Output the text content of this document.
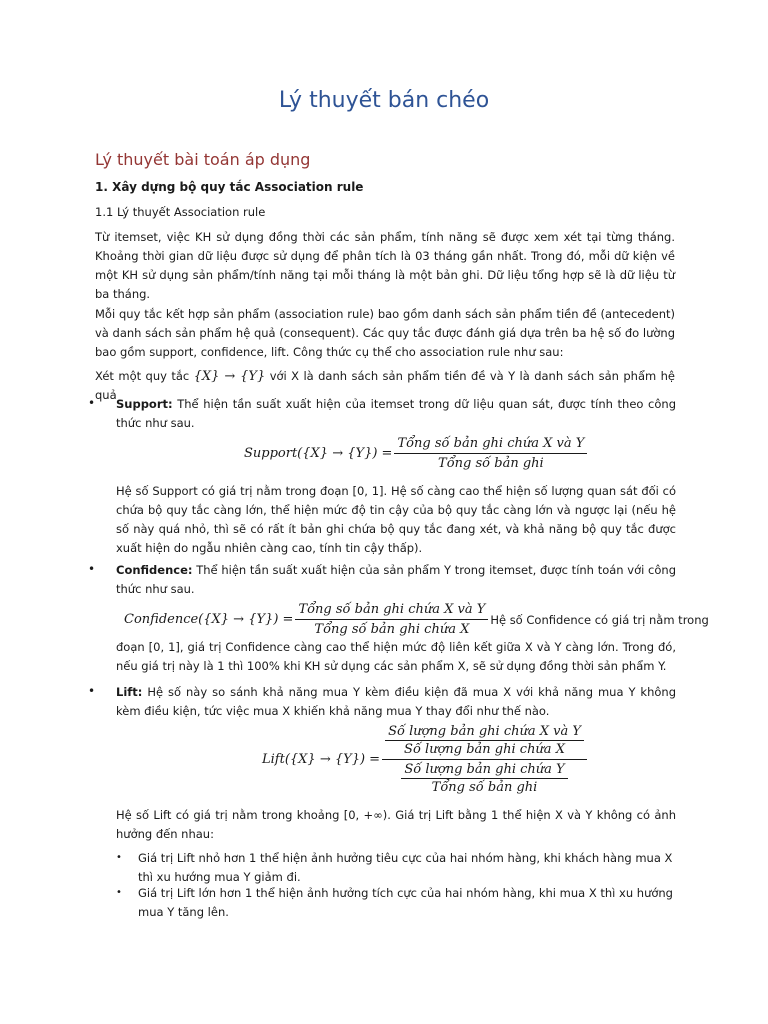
Lý thuyết bán chéo
Lý thuyết bài toán áp dụng
1. Xây dựng bộ quy tắc Association rule
1.1 Lý thuyết Association rule
Từ itemset, việc KH sử dụng đồng thời các sản phẩm, tính năng sẽ được xem xét tại từng tháng. Khoảng thời gian dữ liệu được sử dụng để phân tích là 03 tháng gần nhất. Trong đó, mỗi dữ kiện về một KH sử dụng sản phẩm/tính năng tại mỗi tháng là một bản ghi. Dữ liệu tổng hợp sẽ là dữ liệu từ ba tháng.
Mỗi quy tắc kết hợp sản phẩm (association rule) bao gồm danh sách sản phẩm tiền đề (antecedent) và danh sách sản phẩm hệ quả (consequent). Các quy tắc được đánh giá dựa trên ba hệ số đo lường bao gồm support, confidence, lift. Công thức cụ thể cho association rule như sau:
Xét một quy tắc {X} → {Y} với X là danh sách sản phẩm tiền đề và Y là danh sách sản phẩm hệ quả
• Support: Thể hiện tần suất xuất hiện của itemset trong dữ liệu quan sát, được tính theo công thức như sau.
Support({X} → $\{Y\}) = \frac{\text{Tổng số bản ghi chứa X và Y}}{\text{Tổng số bản ghi}}$
Hệ số Support có giá trị nằm trong đoạn [0, 1]. Hệ số càng cao thể hiện số lượng quan sát đối có chứa bộ quy tắc càng lớn, thể hiện mức độ tin cậy của bộ quy tắc càng lớn và ngược lại (nếu hệ số này quá nhỏ, thì sẽ có rất ít bản ghi chứa bộ quy tắc đang xét, và khả năng bộ quy tắc được xuất hiện do ngẫu nhiên càng cao, tính tin cậy thấp).
• Confidence: Thể hiện tần suất xuất hiện của sản phẩm Y trong itemset, được tính toán với công thức như sau.
Confidence({X} → $\{Y\}) = \frac{\text{Tổng số bản ghi chứa X và Y}}{\text{Tổng số bản ghi chứa X}}$ Hệ số Confidence có giá trị nằm trong
đoạn [0, 1], giá trị Confidence càng cao thể hiện mức độ liên kết giữa X và Y càng lớn. Trong đó, nếu giá trị này là 1 thì 100% khi KH sử dụng các sản phẩm X, sẽ sử dụng đồng thời sản phẩm Y.
• Lift: Hệ số này so sánh khả năng mua Y kèm điều kiện đã mua X với khả năng mua Y không kèm điều kiện, tức việc mua X khiến khả năng mua Y thay đổi như thế nào.
Lift({X} → {Y}) = Số lượng bản ghi chứa X và Y
Số lượng bản ghi chứa X
Số lượng bản ghi chứa Y
Tổng số bản ghi
Hệ số Lift có giá trị nằm trong khoảng [0, +∞). Giá trị Lift bằng 1 thể hiện X và Y không có ảnh hưởng đến nhau:
• Giá trị Lift nhỏ hơn 1 thể hiện ảnh hưởng tiêu cực của hai nhóm hàng, khi khách hàng mua X thì xu hướng mua Y giảm đi.
• Giá trị Lift lớn hơn 1 thể hiện ảnh hưởng tích cực của hai nhóm hàng, khi mua X thì xu hướng mua Y tăng lên.
